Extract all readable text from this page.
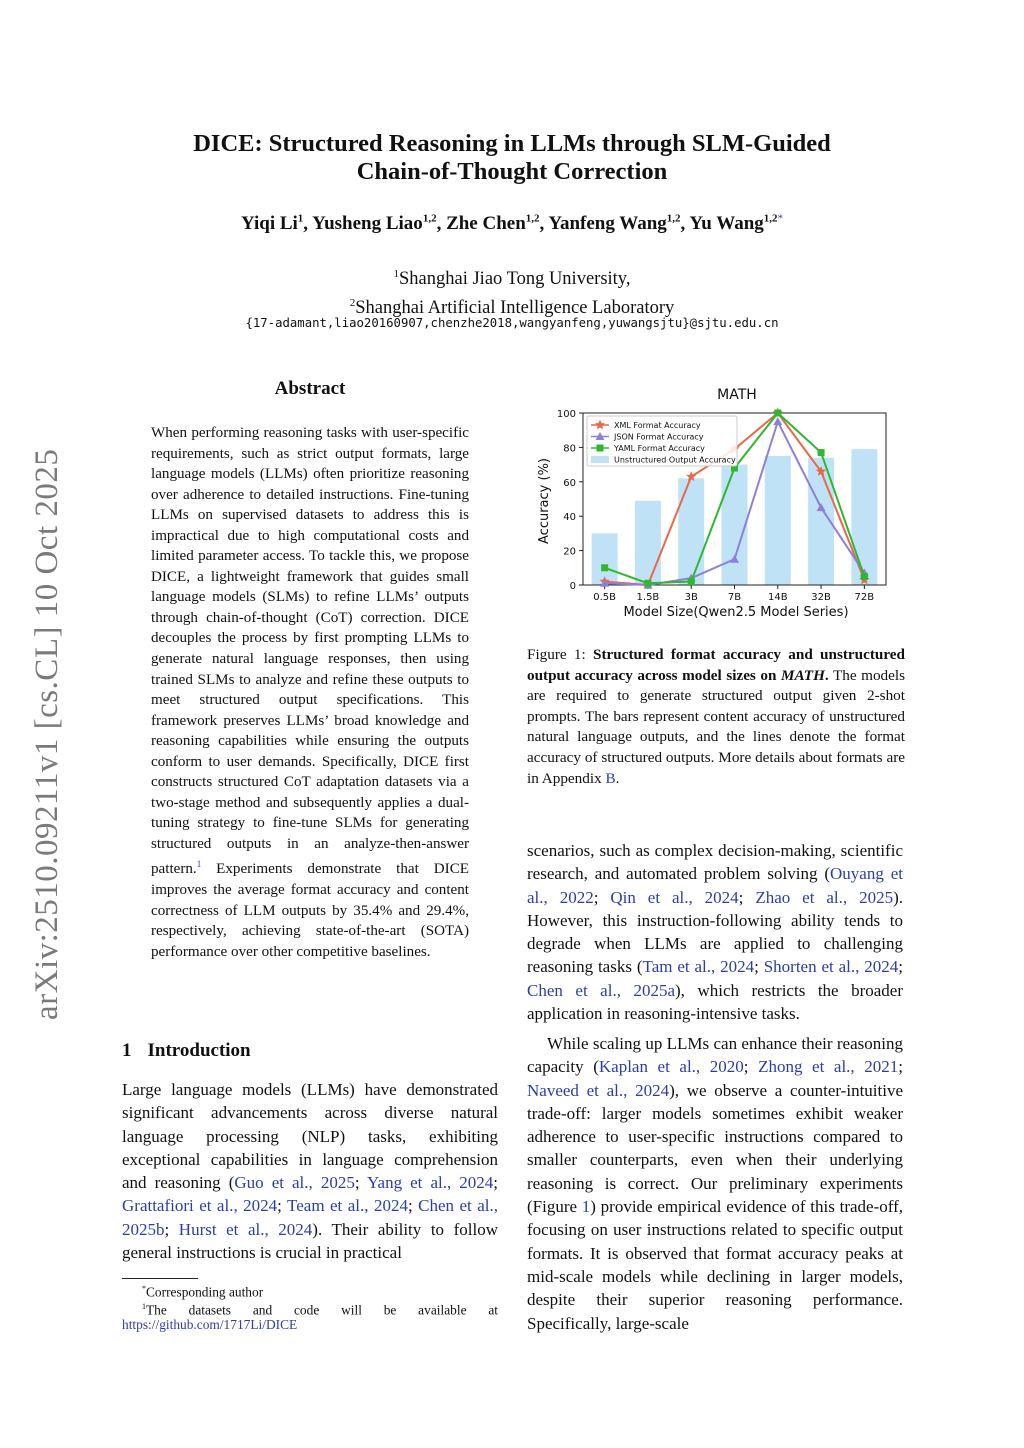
arXiv:2510.09211v1 [cs.CL] 10 Oct 2025
DICE: Structured Reasoning in LLMs through SLM-Guided
Chain-of-Thought Correction
Yiqi Li$^1$, Yusheng Liao$^{1,2}$, Zhe Chen$^{1,2}$, Yanfeng Wang$^{1,2}$, Yu Wang$^{1,2*}$
$^1$Shanghai Jiao Tong University,
$^2$Shanghai Artificial Intelligence Laboratory
{17-adamant,liao20160907,chenzhe2018,wangyanfeng,yuwangsjtu}@sjtu.edu.cn
Abstract
When performing reasoning tasks with user-specific requirements, such as strict output formats, large language models (LLMs) often prioritize reasoning over adherence to detailed instructions. Fine-tuning LLMs on supervised datasets to address this is impractical due to high computational costs and limited parameter access. To tackle this, we propose DICE, a lightweight framework that guides small language models (SLMs) to refine LLMs’ outputs through chain-of-thought (CoT) correction. DICE decouples the process by first prompting LLMs to generate natural language responses, then using trained SLMs to analyze and refine these outputs to meet structured output specifications. This framework preserves LLMs’ broad knowledge and reasoning capabilities while ensuring the outputs conform to user demands. Specifically, DICE first constructs structured CoT adaptation datasets via a two-stage method and subsequently applies a dual-tuning strategy to fine-tune SLMs for generating structured outputs in an analyze-then-answer pattern.$^1$ Experiments demonstrate that DICE improves the average format accuracy and content correctness of LLM outputs by 35.4% and 29.4%, respectively, achieving state-of-the-art (SOTA) performance over other competitive baselines.
1 Introduction
Large language models (LLMs) have demonstrated significant advancements across diverse natural language processing (NLP) tasks, exhibiting exceptional capabilities in language comprehension and reasoning (Guo et al., 2025; Yang et al., 2024; Grattafiori et al., 2024; Team et al., 2024; Chen et al., 2025b; Hurst et al., 2024). Their ability to follow general instructions is crucial in practical
*Corresponding author
$^1$The datasets and code will be available at
https://github.com/1717Li/DICE
MATH
Accuracy (%)
Model Size(Qwen2.5 Model Series)
0
20
40
60
80
100
0.5B 1.5B	3B	7B	14B 32B 72B
XML Format Accuracy
JSON Format Accuracy
YAML Format Accuracy
Unstructured Output Accuracy
Figure 1: Structured format accuracy and unstructured output accuracy across model sizes on MATH. The models are required to generate structured output given 2-shot prompts. The bars represent content accuracy of unstructured natural language outputs, and the lines denote the format accuracy of structured outputs. More details about formats are in Appendix B.

scenarios, such as complex decision-making, scientific research, and automated problem solving (Ouyang et al., 2022; Qin et al., 2024; Zhao et al., 2025). However, this instruction-following ability tends to degrade when LLMs are applied to challenging reasoning tasks (Tam et al., 2024; Shorten et al., 2024; Chen et al., 2025a), which restricts the broader application in reasoning-intensive tasks.

While scaling up LLMs can enhance their reasoning capacity (Kaplan et al., 2020; Zhong et al., 2021; Naveed et al., 2024), we observe a counter-intuitive trade-off: larger models sometimes exhibit weaker adherence to user-specific instructions compared to smaller counterparts, even when their underlying reasoning is correct. Our preliminary experiments (Figure 1) provide empirical evidence of this trade-off, focusing on user instructions related to specific output formats. It is observed that format accuracy peaks at mid-scale models while declining in larger models, despite their superior reasoning performance. Specifically, large-scale
